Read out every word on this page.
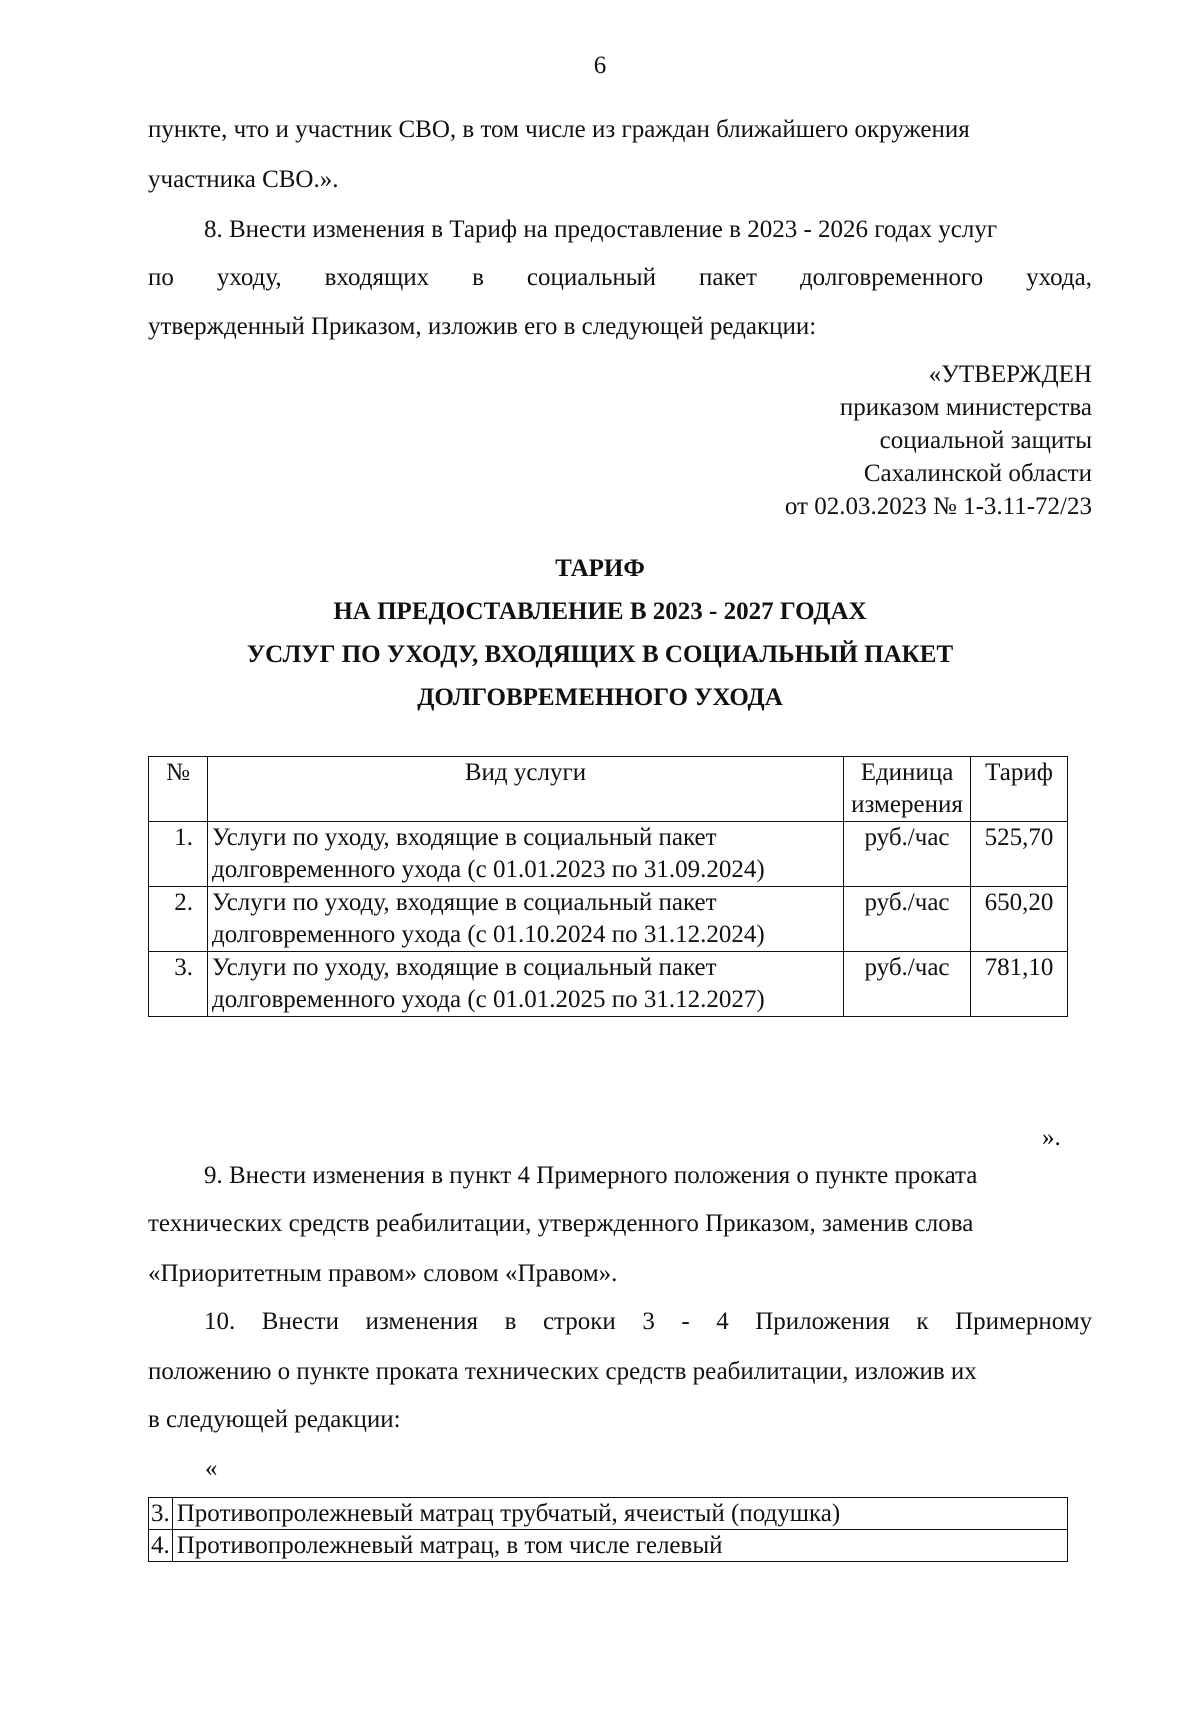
6
пункте, что и участник СВО, в том числе из граждан ближайшего окружения
участника СВО.».
8. Внести изменения в Тариф на предоставление в 2023 - 2026 годах услуг
по уходу, входящих в социальный пакет долговременного ухода,
утвержденный Приказом, изложив его в следующей редакции:
«УТВЕРЖДЕН
приказом министерства
социальной защиты
Сахалинской области
от 02.03.2023 № 1-3.11-72/23
ТАРИФ
НА ПРЕДОСТАВЛЕНИЕ В 2023 - 2027 ГОДАХ
УСЛУГ ПО УХОДУ, ВХОДЯЩИХ В СОЦИАЛЬНЫЙ ПАКЕТ
ДОЛГОВРЕМЕННОГО УХОДА
№	Вид услуги	Единица измерения	Тариф
1.	Услуги по уходу, входящие в социальный пакет долговременного ухода (с 01.01.2023 по 31.09.2024)	руб./час	525,70
2.	Услуги по уходу, входящие в социальный пакет долговременного ухода (с 01.10.2024 по 31.12.2024)	руб./час	650,20
3.	Услуги по уходу, входящие в социальный пакет долговременного ухода (с 01.01.2025 по 31.12.2027)	руб./час	781,10
».
9. Внести изменения в пункт 4 Примерного положения о пункте проката
технических средств реабилитации, утвержденного Приказом, заменив слова
«Приоритетным правом» словом «Правом».
10. Внести изменения в строки 3 - 4 Приложения к Примерному
положению о пункте проката технических средств реабилитации, изложив их
в следующей редакции:
«
3.	Противопролежневый матрац трубчатый, ячеистый (подушка)
4.	Противопролежневый матрац, в том числе гелевый
